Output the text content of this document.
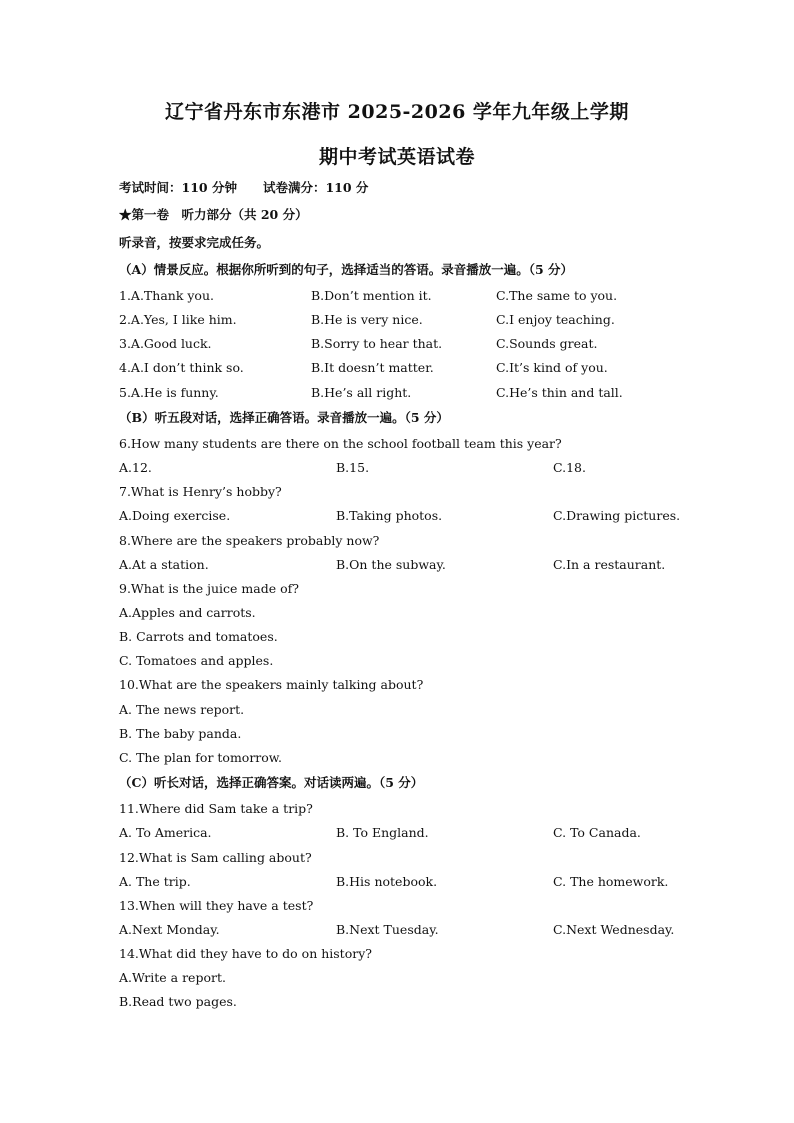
辽宁省丹东市东港市 2025-2026 学年九年级上学期
期中考试英语试卷
考试时间：110 分钟 试卷满分：110 分
★第一卷　听力部分（共 20 分）
听录音，按要求完成任务。
（A）情景反应。根据你所听到的句子，选择适当的答语。录音播放一遍。（5 分）
1.A.Thank you.	B.Don’t mention it.	C.The same to you.
2.A.Yes, I like him.	B.He is very nice.	C.I enjoy teaching.
3.A.Good luck.	B.Sorry to hear that.	C.Sounds great.
4.A.I don’t think so.	B.It doesn’t matter.	C.It’s kind of you.
5.A.He is funny.	B.He’s all right.	C.He’s thin and tall.
（B）听五段对话，选择正确答语。录音播放一遍。（5 分）
6.How many students are there on the school football team this year?
A.12.	B.15.	C.18.
7.What is Henry’s hobby?
A.Doing exercise.	B.Taking photos.	C.Drawing pictures.
8.Where are the speakers probably now?
A.At a station.	B.On the subway.	C.In a restaurant.
9.What is the juice made of?
A.Apples and carrots.
B. Carrots and tomatoes.
C. Tomatoes and apples.
10.What are the speakers mainly talking about?
A. The news report.
B. The baby panda.
C. The plan for tomorrow.
（C）听长对话，选择正确答案。对话读两遍。（5 分）
11.Where did Sam take a trip?
A. To America.	B. To England.	C. To Canada.
12.What is Sam calling about?
A. The trip.	B.His notebook.	C. The homework.
13.When will they have a test?
A.Next Monday.	B.Next Tuesday.	C.Next Wednesday.
14.What did they have to do on history?
A.Write a report.
B.Read two pages.
